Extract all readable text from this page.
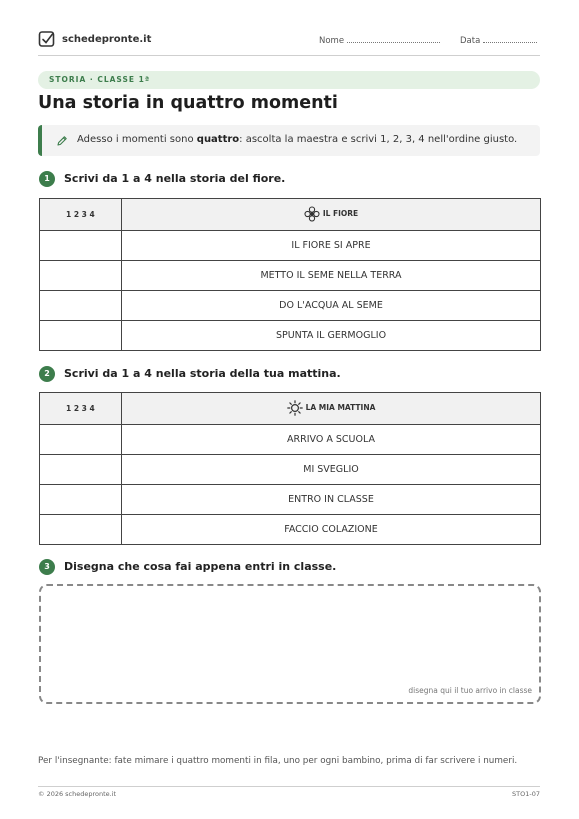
schedepronte.it	Nome	Data
STORIA · CLASSE 1ª
Una storia in quattro momenti
Adesso i momenti sono quattro: ascolta la maestra e scrivi 1, 2, 3, 4 nell'ordine giusto.
1	Scrivi da 1 a 4 nella storia del fiore.
1 2 3 4	IL FIORE

	IL FIORE SI APRE
	METTO IL SEME NELLA TERRA
	DO L'ACQUA AL SEME
	SPUNTA IL GERMOGLIO
2	Scrivi da 1 a 4 nella storia della tua mattina.
1 2 3 4	LA MIA MATTINA

	ARRIVO A SCUOLA
	MI SVEGLIO
	ENTRO IN CLASSE
	FACCIO COLAZIONE
3	Disegna che cosa fai appena entri in classe.
disegna qui il tuo arrivo in classe
Per l'insegnante: fate mimare i quattro momenti in fila, uno per ogni bambino, prima di far scrivere i numeri.
© 2026 schedepronte.it	STO1-07
